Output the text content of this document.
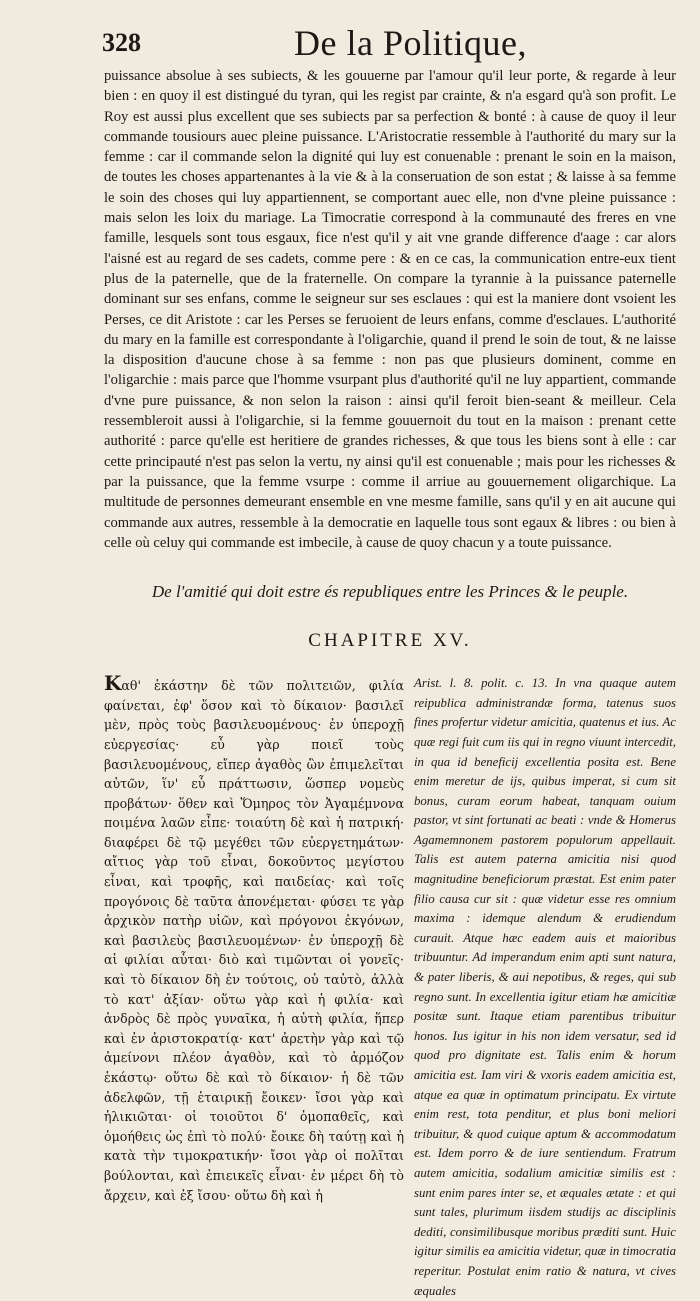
328	De la Politique,

puissance absolue à ses subiects, & les gouuerne par l'amour qu'il leur porte, & regarde à leur bien : en quoy il est distingué du tyran, qui les regist par crainte, & n'a esgard qu'à son profit. Le Roy est aussi plus excellent que ses subiects par sa perfection & bonté : à cause de quoy il leur commande tousiours auec pleine puissance. L'Aristocratie ressemble à l'authorité du mary sur la femme : car il commande selon la dignité qui luy est conuenable : prenant le soin en la maison, de toutes les choses appartenantes à la vie & à la conseruation de son estat ; & laisse à sa femme le soin des choses qui luy appartiennent, se comportant auec elle, non d'vne pleine puissance : mais selon les loix du mariage. La Timocratie correspond à la communauté des freres en vne famille, lesquels sont tous esgaux, fice n'est qu'il y ait vne grande difference d'aage : car alors l'aisné est au regard de ses cadets, comme pere : & en ce cas, la communication entre-eux tient plus de la paternelle, que de la fraternelle. On compare la tyrannie à la puissance paternelle dominant sur ses enfans, comme le seigneur sur ses esclaues : qui est la maniere dont vsoient les Perses, ce dit Aristote : car les Perses se feruoient de leurs enfans, comme d'esclaues. L'authorité du mary en la famille est correspondante à l'oligarchie, quand il prend le soin de tout, & ne laisse la disposition d'aucune chose à sa femme : non pas que plusieurs dominent, comme en l'oligarchie : mais parce que l'homme vsurpant plus d'authorité qu'il ne luy appartient, commande d'vne pure puissance, & non selon la raison : ainsi qu'il feroit bien-seant & meilleur. Cela ressembleroit aussi à l'oligarchie, si la femme gouuernoit du tout en la maison : prenant cette authorité : parce qu'elle est heritiere de grandes richesses, & que tous les biens sont à elle : car cette principauté n'est pas selon la vertu, ny ainsi qu'il est conuenable ; mais pour les richesses & par la puissance, que la femme vsurpe : comme il arriue au gouuernement oligarchique. La multitude de personnes demeurant ensemble en vne mesme famille, sans qu'il y en ait aucune qui commande aux autres, ressemble à la democratie en laquelle tous sont egaux & libres : ou bien à celle où celuy qui commande est imbecile, à cause de quoy chacun y a toute puissance.

De l'amitié qui doit estre és republiques entre les Princes & le peuple.
CHAPITRE XV.
Καθ' ἑκάστην δὲ τῶν πολιτειῶν, φιλία φαίνεται, ἐφ' ὅσον καὶ τὸ δίκαιον· βασιλεῖ μὲν, πρὸς τοὺς βασιλευομένους· ἐν ὑπεροχῇ εὐεργεσίας· εὖ γὰρ ποιεῖ τοὺς βασιλευομένους, εἴπερ ἀγαθὸς ὢν ἐπιμελεῖται αὐτῶν, ἵν' εὖ πράττωσιν, ὥσπερ νομεὺς προβάτων· ὅθεν καὶ Ὅμηρος τὸν Ἀγαμέμνονα ποιμένα λαῶν εἶπε· τοιαύτη δὲ καὶ ἡ πατρική· διαφέρει δὲ τῷ μεγέθει τῶν εὐεργετημάτων· αἴτιος γὰρ τοῦ εἶναι, δοκοῦντος μεγίστου εἶναι, καὶ τροφῆς, καὶ παιδείας· καὶ τοῖς προγόνοις δὲ ταῦτα ἀπονέμεται· φύσει τε γὰρ ἀρχικὸν πατὴρ υἱῶν, καὶ πρόγονοι ἐκγόνων, καὶ βασιλεὺς βασιλευομένων· ἐν ὑπεροχῇ δὲ αἱ φιλίαι αὗται· διὸ καὶ τιμῶνται οἱ γονεῖς· καὶ τὸ δίκαιον δὴ ἐν τούτοις, οὐ ταὐτὸ, ἀλλὰ τὸ κατ' ἀξίαν· οὕτω γὰρ καὶ ἡ φιλία· καὶ ἀνδρὸς δὲ πρὸς γυναῖκα, ἡ αὐτὴ φιλία, ἥπερ καὶ ἐν ἀριστοκρατίᾳ· κατ' ἀρετὴν γὰρ καὶ τῷ ἀμείνονι πλέον ἀγαθὸν, καὶ τὸ ἁρμόζον ἑκάστῳ· οὕτω δὲ καὶ τὸ δίκαιον· ἡ δὲ τῶν ἀδελφῶν, τῇ ἑταιρικῇ ἔοικεν· ἴσοι γὰρ καὶ ἡλικιῶται· οἱ τοιοῦτοι δ' ὁμοπαθεῖς, καὶ ὁμοήθεις ὡς ἐπὶ τὸ πολύ· ἔοικε δὴ ταύτῃ καὶ ἡ κατὰ τὴν τιμοκρατικήν· ἴσοι γὰρ οἱ πολῖται βούλονται, καὶ ἐπιεικεῖς εἶναι· ἐν μέρει δὴ τὸ ἄρχειν, καὶ ἐξ ἴσου· οὕτω δὴ καὶ ἡ
Arist. l. 8. polit. c. 13. In vna quaque autem reipublica administrandæ forma, tatenus suos fines profertur videtur amicitia, quatenus et ius. Ac quæ regi fuit cum iis qui in regno viuunt intercedit, in qua id beneficij excellentia posita est. Bene enim meretur de ijs, quibus imperat, si cum sit bonus, curam eorum habeat, tanquam ouium pastor, vt sint fortunati ac beati : vnde & Homerus Agamemnonem pastorem populorum appellauit. Talis est autem paterna amicitia nisi quod magnitudine beneficiorum præstat. Est enim pater filio causa cur sit : quæ videtur esse res omnium maxima : idemque alendum & erudiendum curauit. Atque hæc eadem auis et maioribus tribuuntur. Ad imperandum enim apti sunt natura, & pater liberis, & aui nepotibus, & reges, qui sub regno sunt. In excellentia igitur etiam hæ amicitiæ positæ sunt. Itaque etiam parentibus tribuitur honos. Ius igitur in his non idem versatur, sed id quod pro dignitate est. Talis enim & horum amicitia est. Iam viri & vxoris eadem amicitia est, atque ea quæ in optimatum principatu. Ex virtute enim rest, tota penditur, et plus boni meliori tribuitur, & quod cuique aptum & accommodatum est. Idem porro & de iure sentiendum. Fratrum autem amicitia, sodalium amicitiæ similis est : sunt enim pares inter se, et æquales ætate : et qui sunt tales, plurimum iisdem studijs ac disciplinis dediti, consimilibusque moribus præditi sunt. Huic igitur similis ea amicitia videtur, quæ in timocratia reperitur. Postulat enim ratio & natura, vt cives æquales
